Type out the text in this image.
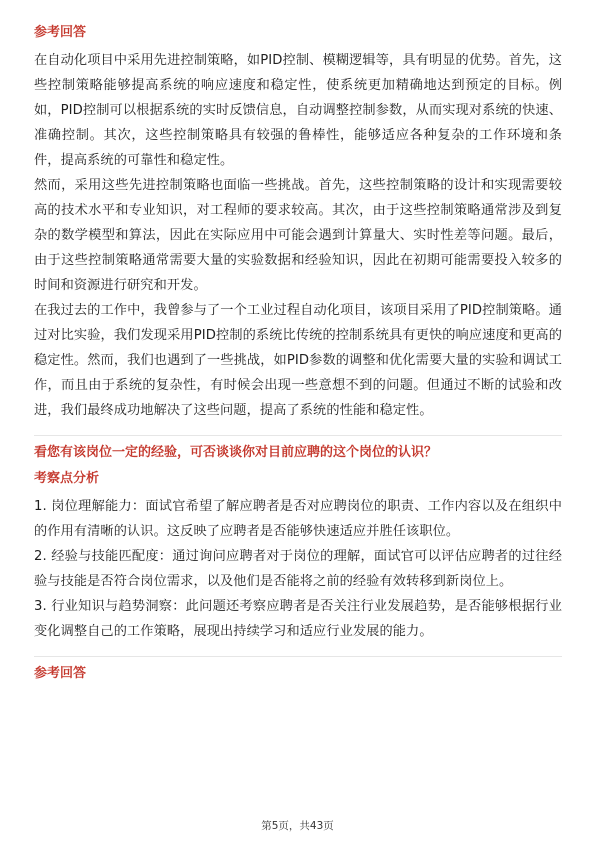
参考回答

在自动化项目中采用先进控制策略，如PID控制、模糊逻辑等，具有明显的优势。首先，这些控制策略能够提高系统的响应速度和稳定性，使系统更加精确地达到预定的目标。例如，PID控制可以根据系统的实时反馈信息，自动调整控制参数，从而实现对系统的快速、准确控制。其次，这些控制策略具有较强的鲁棒性，能够适应各种复杂的工作环境和条件，提高系统的可靠性和稳定性。

然而，采用这些先进控制策略也面临一些挑战。首先，这些控制策略的设计和实现需要较高的技术水平和专业知识，对工程师的要求较高。其次，由于这些控制策略通常涉及到复杂的数学模型和算法，因此在实际应用中可能会遇到计算量大、实时性差等问题。最后，由于这些控制策略通常需要大量的实验数据和经验知识，因此在初期可能需要投入较多的时间和资源进行研究和开发。

在我过去的工作中，我曾参与了一个工业过程自动化项目，该项目采用了PID控制策略。通过对比实验，我们发现采用PID控制的系统比传统的控制系统具有更快的响应速度和更高的稳定性。然而，我们也遇到了一些挑战，如PID参数的调整和优化需要大量的实验和调试工作，而且由于系统的复杂性，有时候会出现一些意想不到的问题。但通过不断的试验和改进，我们最终成功地解决了这些问题，提高了系统的性能和稳定性。

看您有该岗位一定的经验，可否谈谈你对目前应聘的这个岗位的认识？
考察点分析

1. 岗位理解能力：面试官希望了解应聘者是否对应聘岗位的职责、工作内容以及在组织中的作用有清晰的认识。这反映了应聘者是否能够快速适应并胜任该职位。

2. 经验与技能匹配度：通过询问应聘者对于岗位的理解，面试官可以评估应聘者的过往经验与技能是否符合岗位需求，以及他们是否能将之前的经验有效转移到新岗位上。

3. 行业知识与趋势洞察：此问题还考察应聘者是否关注行业发展趋势，是否能够根据行业变化调整自己的工作策略，展现出持续学习和适应行业发展的能力。

参考回答
第5页，共43页
